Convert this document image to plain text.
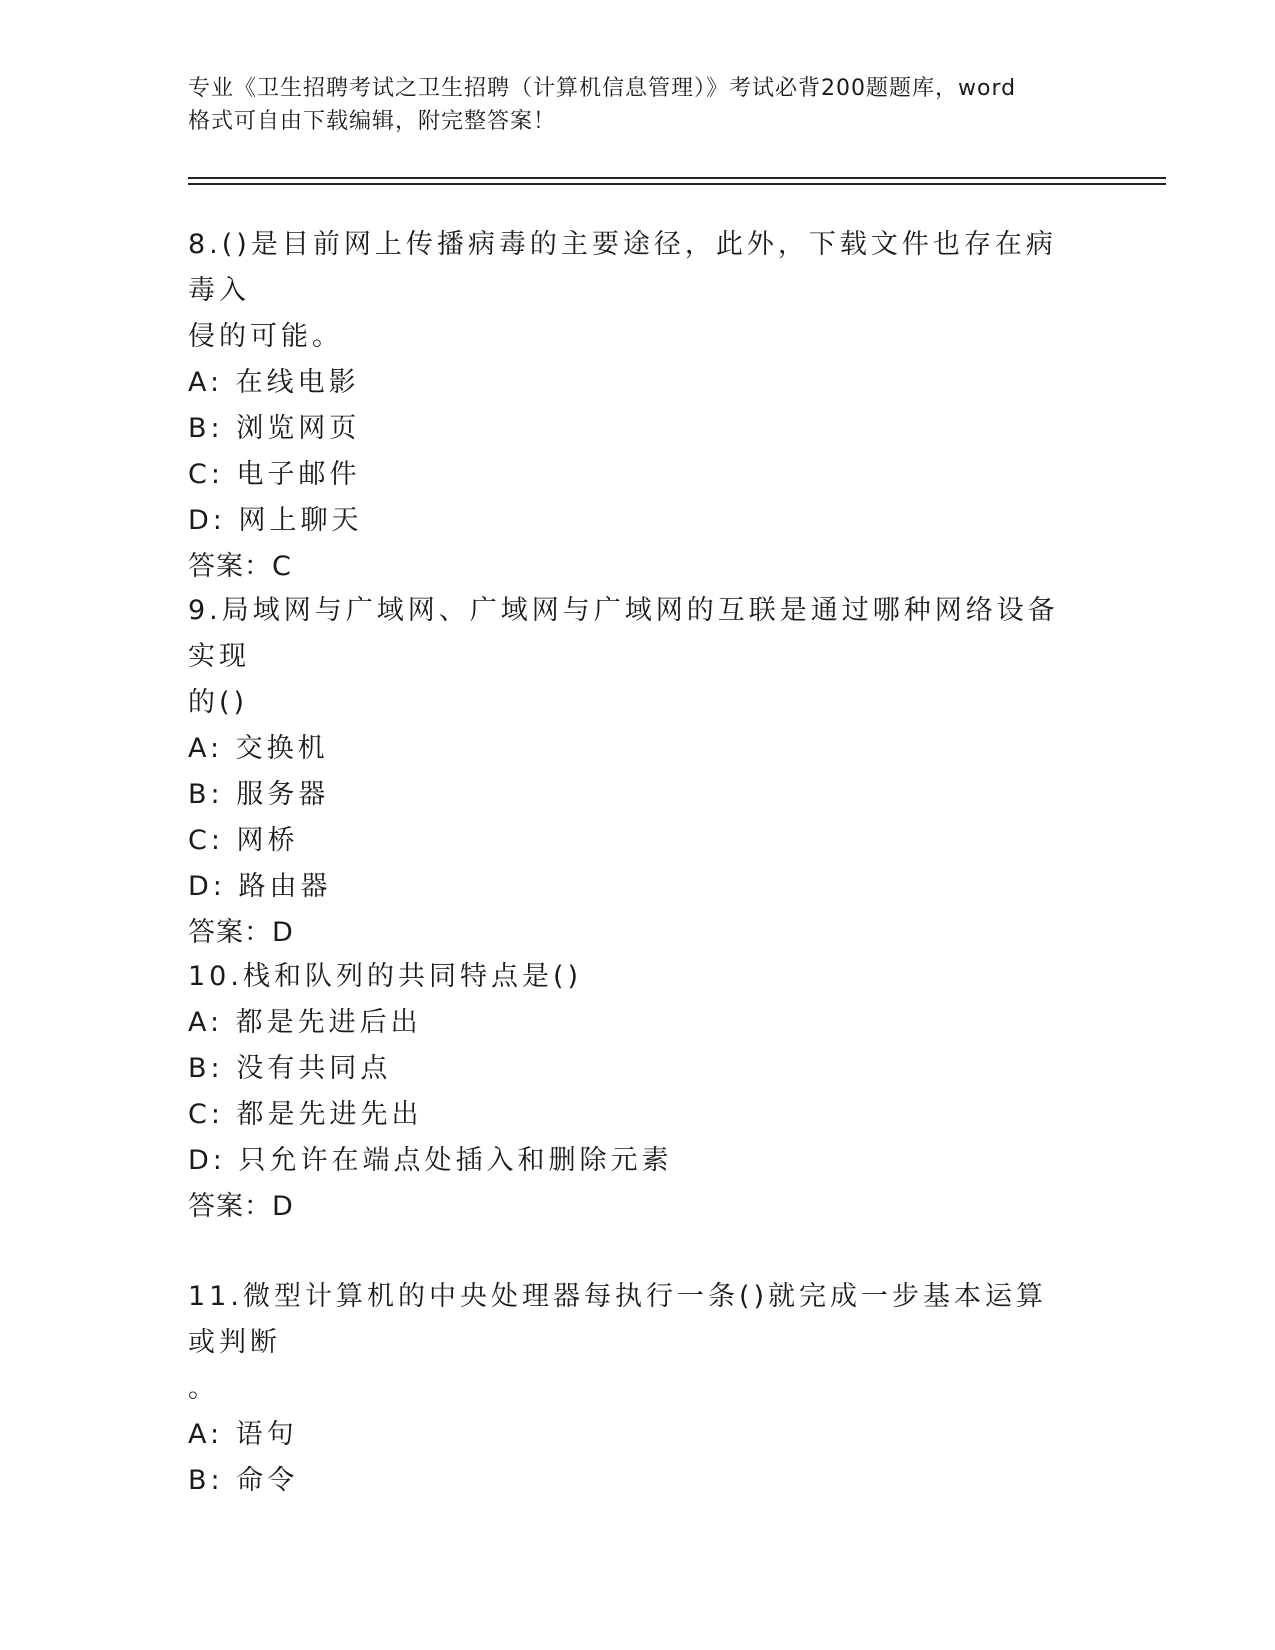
专业《卫生招聘考试之卫生招聘（计算机信息管理）》考试必背200题题库，word
格式可自由下载编辑，附完整答案！
8.()是目前网上传播病毒的主要途径，此外，下载文件也存在病毒入
侵的可能。
A: 在线电影
B: 浏览网页
C: 电子邮件
D: 网上聊天
答案：C
9.局域网与广域网、广域网与广域网的互联是通过哪种网络设备实现
的()
A: 交换机
B: 服务器
C: 网桥
D: 路由器
答案：D
10.栈和队列的共同特点是()
A: 都是先进后出
B: 没有共同点
C: 都是先进先出
D: 只允许在端点处插入和删除元素
答案：D
11.微型计算机的中央处理器每执行一条()就完成一步基本运算或判断
。
A: 语句
B: 命令
